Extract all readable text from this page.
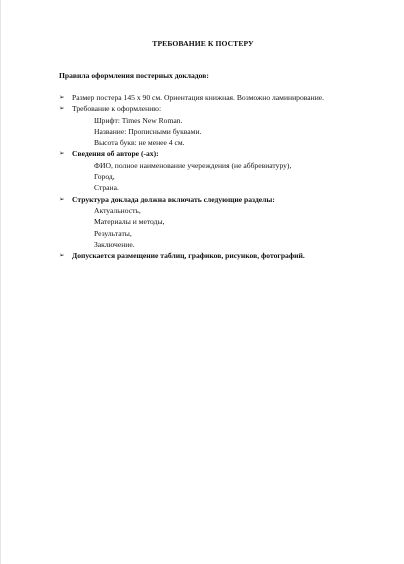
ТРЕБОВАНИЕ К ПОСТЕРУ
Правила оформления постерных докладов:
➢ Размер постера 145 х 90 см. Ориентация книжная. Возможно ламинирование.
➢ Требование к оформлению:
Шрифт: Times New Roman.
Название: Прописными буквами.
Высота букв: не менее 4 см.
➢ Сведения об авторе (-ах):
ФИО, полное наименование учереждения (не аббревиатуру),
Город,
Страна.
➢ Структура доклада должна включать следующие разделы:
Актуальность,
Материалы и методы,
Результаты,
Заключение.
➢ Допускается размещение таблиц, графиков, рисунков, фотографий.
